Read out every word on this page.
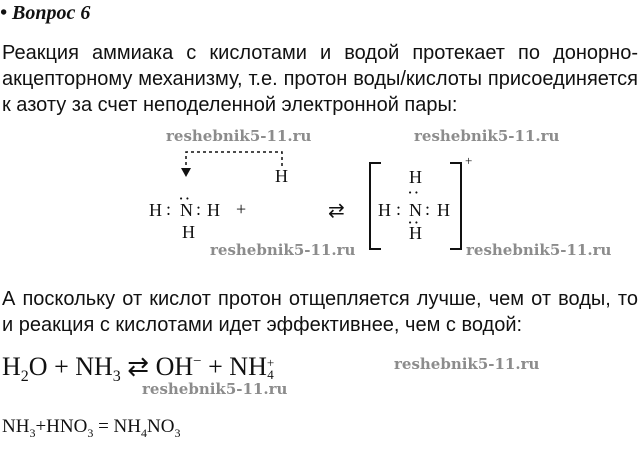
• Вопрос 6
Реакция аммиака с кислотами и водой протекает по донорно-акцепторному механизму, т.е. протон воды/кислоты присоединяется к азоту за счет неподеленной электронной пары:
reshebnik5-11.ru	reshebnik5-11.ru
reshebnik5-11.ru	reshebnik5-11.ru
reshebnik5-11.ru
reshebnik5-11.ru
H : N : H
:
H
+
H
⇄
+
H
:
H : N : H
:
H
А поскольку от кислот протон отщепляется лучше, чем от воды, то и реакция с кислотами идет эффективнее, чем с водой:
$H_2O + NH_3$ ⇄ OH− + NH +
4
$NH_3+HNO_3 = NH_4NO_3$
